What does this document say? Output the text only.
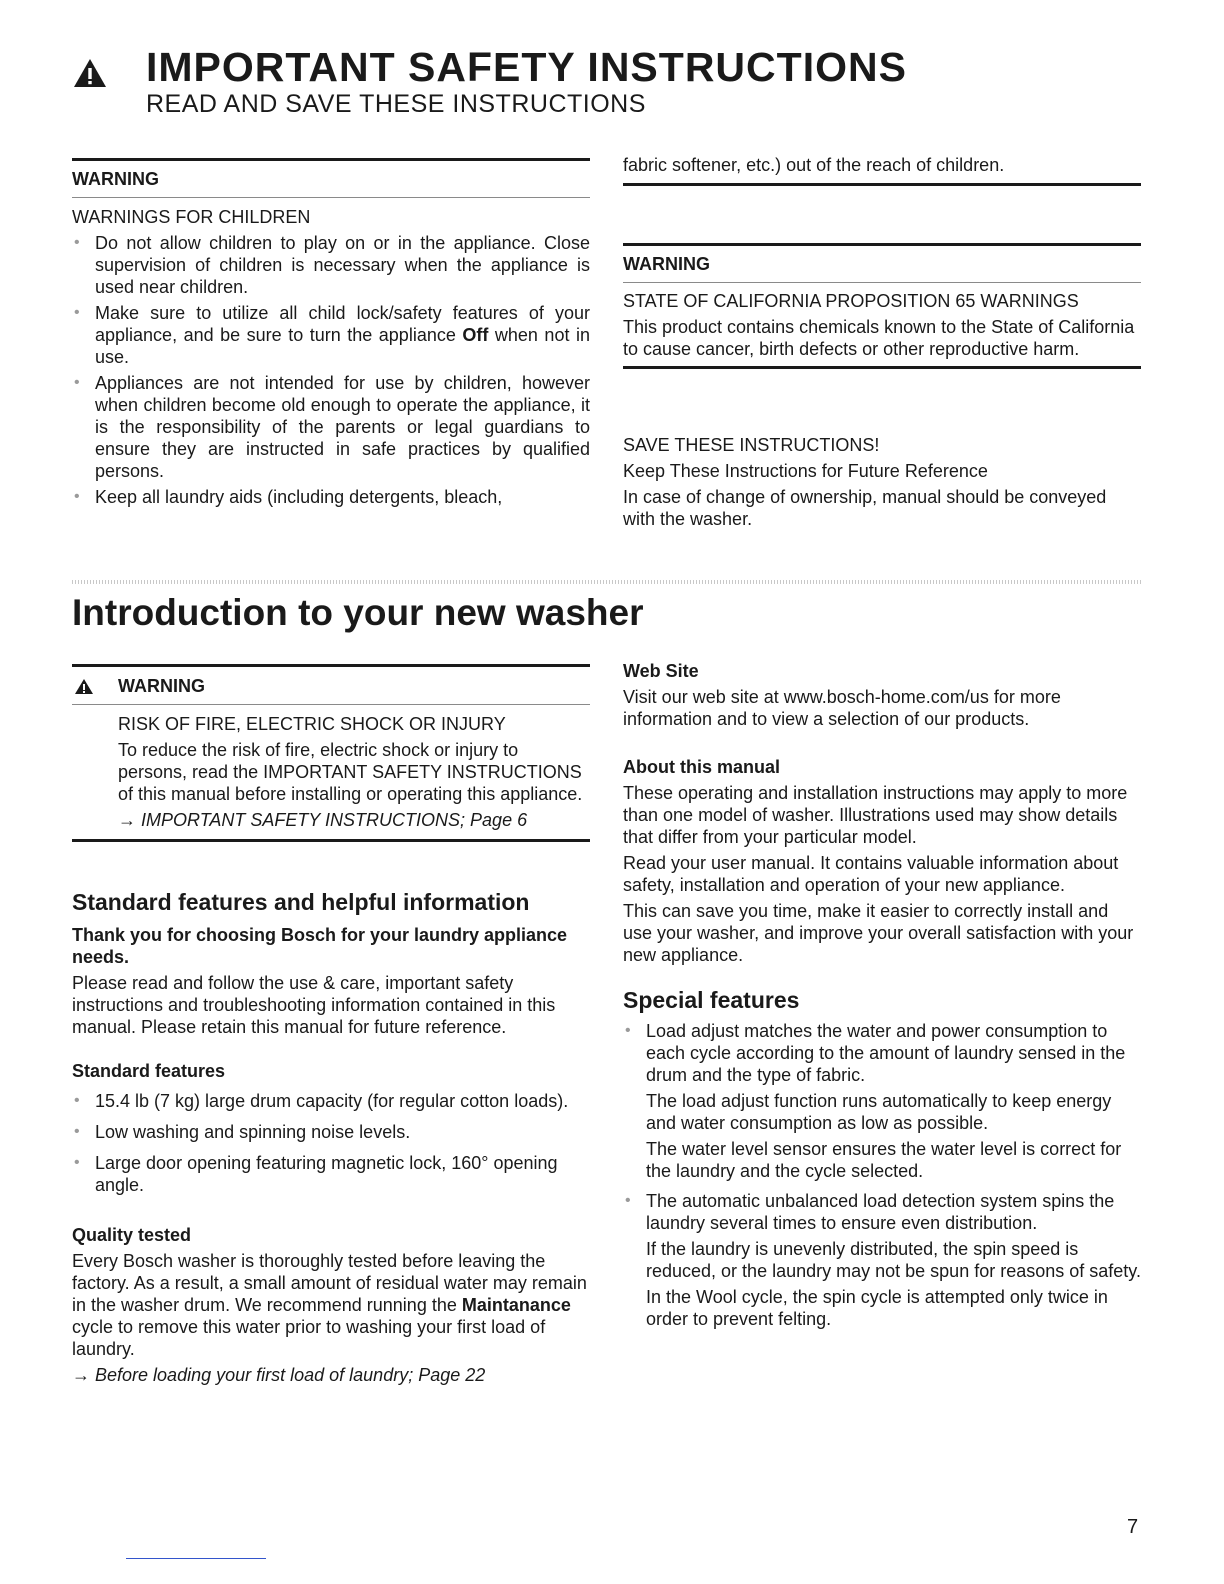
IMPORTANT SAFETY INSTRUCTIONS
READ AND SAVE THESE INSTRUCTIONS
WARNING
WARNINGS FOR CHILDREN
• Do not allow children to play on or in the appliance. Close supervision of children is necessary when the appliance is used near children.
• Make sure to utilize all child lock/safety features of your appliance, and be sure to turn the appliance Off when not in use.
• Appliances are not intended for use by children, however when children become old enough to operate the appliance, it is the responsibility of the parents or legal guardians to ensure they are instructed in safe practices by qualified persons.
• Keep all laundry aids (including detergents, bleach,
fabric softener, etc.) out of the reach of children.
WARNING
STATE OF CALIFORNIA PROPOSITION 65 WARNINGS

This product contains chemicals known to the State of California to cause cancer, birth defects or other reproductive harm.

SAVE THESE INSTRUCTIONS!

Keep These Instructions for Future Reference

In case of change of ownership, manual should be conveyed with the washer.

Introduction to your new washer
WARNING
RISK OF FIRE, ELECTRIC SHOCK OR INJURY

To reduce the risk of fire, electric shock or injury to persons, read the IMPORTANT SAFETY INSTRUCTIONS of this manual before installing or operating this appliance.

→ IMPORTANT SAFETY INSTRUCTIONS; Page 6
Standard features and helpful information
Thank you for choosing Bosch for your laundry appliance needs.

Please read and follow the use & care, important safety instructions and troubleshooting information contained in this manual. Please retain this manual for future reference.

Standard features
• 15.4 lb (7 kg) large drum capacity (for regular cotton loads).
• Low washing and spinning noise levels.
• Large door opening featuring magnetic lock, 160° opening angle.
Quality tested

Every Bosch washer is thoroughly tested before leaving the factory. As a result, a small amount of residual water may remain in the washer drum. We recommend running the Maintanance cycle to remove this water prior to washing your first load of laundry.

→ Before loading your first load of laundry; Page 22
Web Site

Visit our web site at www.bosch-home.com/us for more information and to view a selection of our products.

About this manual

These operating and installation instructions may apply to more than one model of washer. Illustrations used may show details that differ from your particular model.

Read your user manual. It contains valuable information about safety, installation and operation of your new appliance.

This can save you time, make it easier to correctly install and use your washer, and improve your overall satisfaction with your new appliance.

Special features

• Load adjust matches the water and power consumption to each cycle according to the amount of laundry sensed in the drum and the type of fabric.

The load adjust function runs automatically to keep energy and water consumption as low as possible.

The water level sensor ensures the water level is correct for the laundry and the cycle selected.

• The automatic unbalanced load detection system spins the laundry several times to ensure even distribution.

If the laundry is unevenly distributed, the spin speed is reduced, or the laundry may not be spun for reasons of safety.

In the Wool cycle, the spin cycle is attempted only twice in order to prevent felting.

7
